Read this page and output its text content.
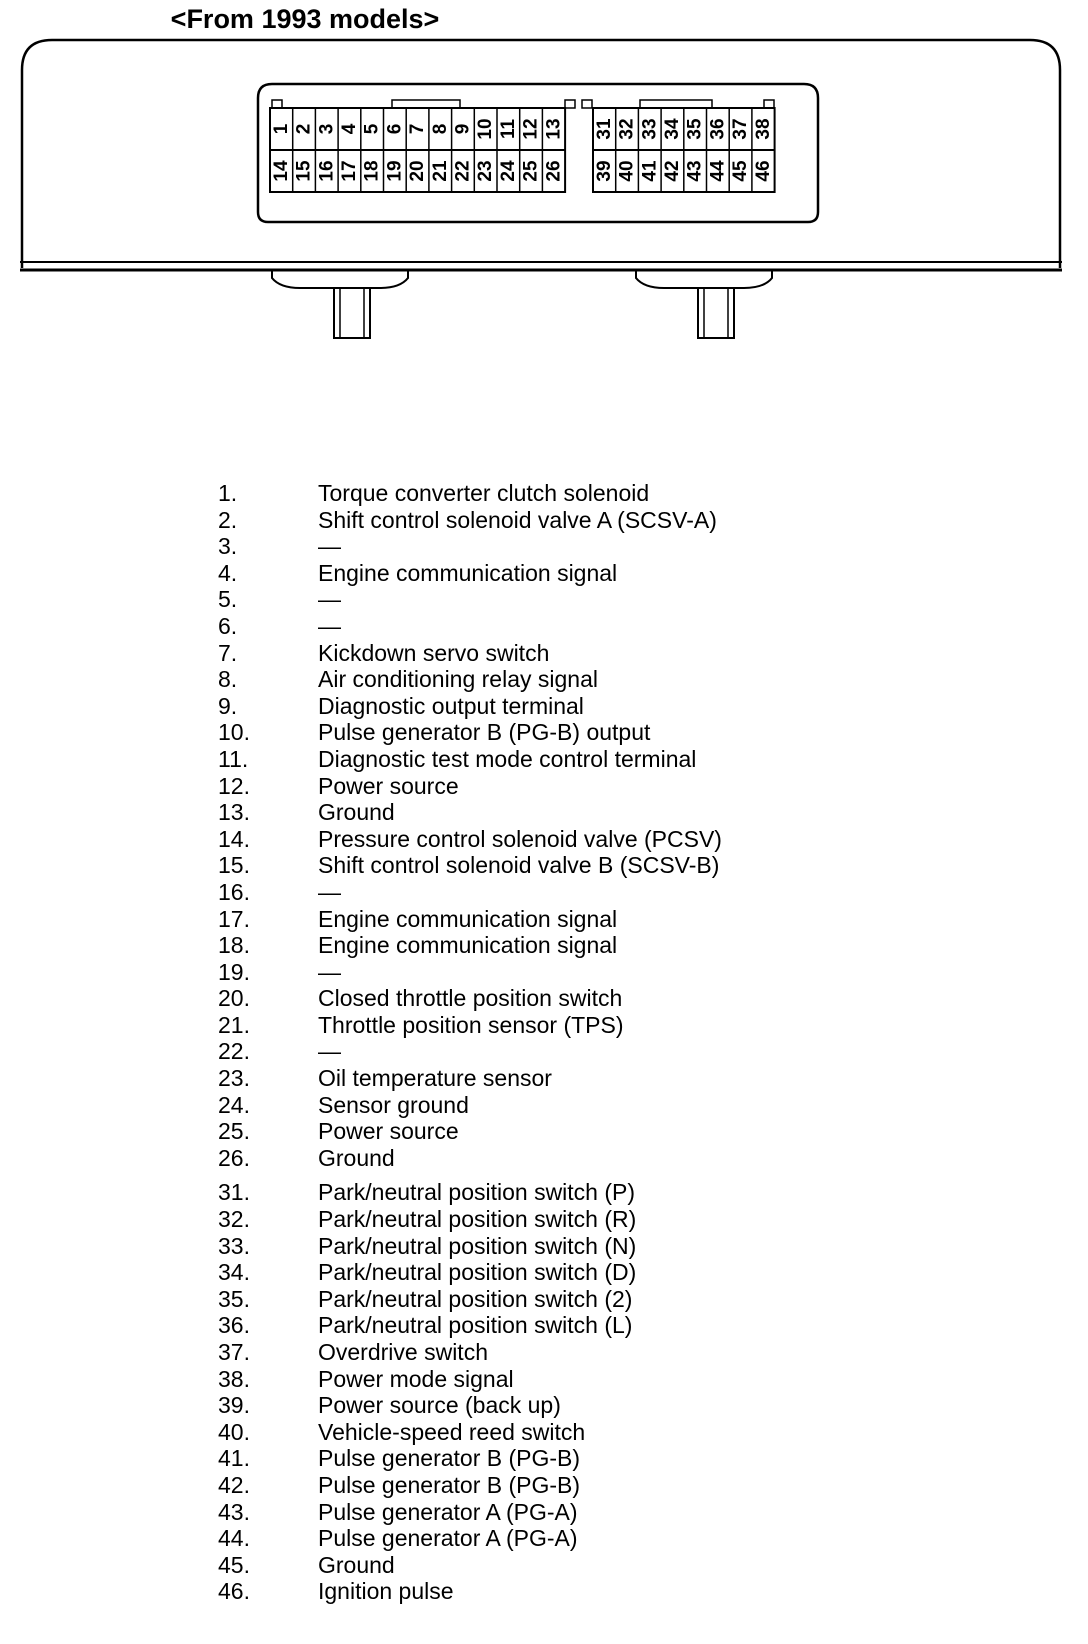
<From 1993 models>
1 2 3 4 5 6 7 8 9 10 11 12 13
14 15 16 17 18 19 20 21 22 23 24 25 26
31 32 33 34 35 36 37 38
39 40 41 42 43 44 45 46
1.	Torque converter clutch solenoid
2.	Shift control solenoid valve A (SCSV-A)
3.	—
4.	Engine communication signal
5.	—
6.	—
7.	Kickdown servo switch
8.	Air conditioning relay signal
9.	Diagnostic output terminal
10.	Pulse generator B (PG-B) output
11.	Diagnostic test mode control terminal
12.	Power source
13.	Ground
14.	Pressure control solenoid valve (PCSV)
15.	Shift control solenoid valve B (SCSV-B)
16.	—
17.	Engine communication signal
18.	Engine communication signal
19.	—
20.	Closed throttle position switch
21.	Throttle position sensor (TPS)
22.	—
23.	Oil temperature sensor
24.	Sensor ground
25.	Power source
26.	Ground
31.	Park/neutral position switch (P)
32.	Park/neutral position switch (R)
33.	Park/neutral position switch (N)
34.	Park/neutral position switch (D)
35.	Park/neutral position switch (2)
36.	Park/neutral position switch (L)
37.	Overdrive switch
38.	Power mode signal
39.	Power source (back up)
40.	Vehicle-speed reed switch
41.	Pulse generator B (PG-B)
42.	Pulse generator B (PG-B)
43.	Pulse generator A (PG-A)
44.	Pulse generator A (PG-A)
45.	Ground
46.	Ignition pulse
